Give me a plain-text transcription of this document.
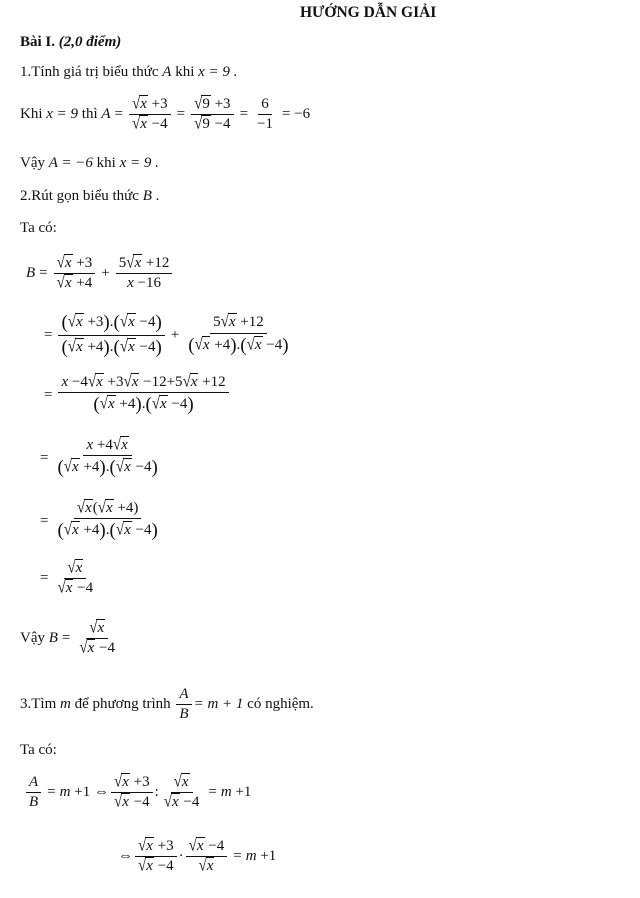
HƯỚNG DẪN GIẢI
Bài I. (2,0 điểm)
1.Tính giá trị biểu thức A khi x = 9 .
Khi
x = 9
thì
$A = \frac{√x +3}{√x -4} = \frac{√9 +3}{√9 -4} = \frac{6}{-1} = -6$
Vậy A = −6 khi x = 9 .
2.Rút gọn biểu thức B .
Ta có:
$B = \frac{√x +3}{√x +4} + \frac{5√x +12}{x -16}$
= $\frac{(√x +3).(√x -4)}{(√x +4).(√x -4)} + \frac{5√x +12}{(√x +4).(√x -4)}$
= $\frac{x -4√x +3√x -12+5√x +12}{(√x +4).(√x -4)}$
= $\frac{x +4√x}{(√x +4).(√x -4)}$
= $\frac{√x(√x +4)}{(√x +4).(√x -4)}$
= $\frac{√x}{√x -4}$
Vậy
$B = \frac{√x}{√x -4}$
3.Tìm
m
để phương trình
$\frac{A}{B} = m + 1$
có nghiệm.
Ta có:
$\frac{A}{B} = m +1$ ⇔ $\frac{√x +3}{√x -4}$ : $\frac{√x}{√x -4} = m +1$
⇔ $\frac{√x +3}{√x -4} \cdot \frac{√x -4}{√x} = m +1$
